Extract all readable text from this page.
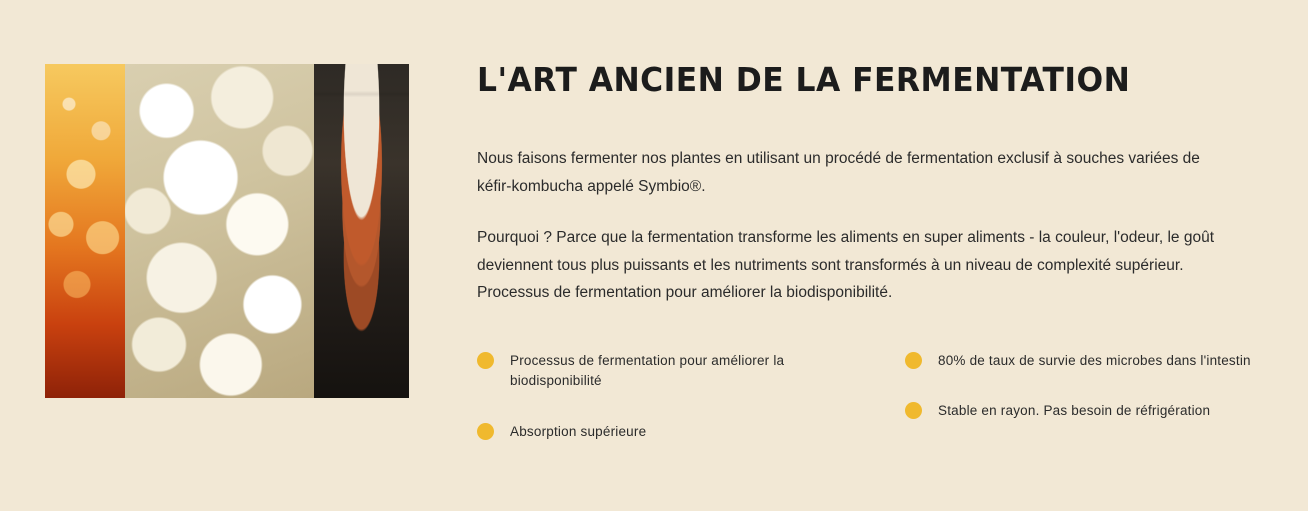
L'ART ANCIEN DE LA FERMENTATION

Nous faisons fermenter nos plantes en utilisant un procédé de fermentation exclusif à souches variées de kéfir-kombucha appelé Symbio®.

Pourquoi ? Parce que la fermentation transforme les aliments en super aliments - la couleur, l'odeur, le goût deviennent tous plus puissants et les nutriments sont transformés à un niveau de complexité supérieur. Processus de fermentation pour améliorer la biodisponibilité.

Processus de fermentation pour améliorer la biodisponibilité
Absorption supérieure
80% de taux de survie des microbes dans l'intestin
Stable en rayon. Pas besoin de réfrigération
